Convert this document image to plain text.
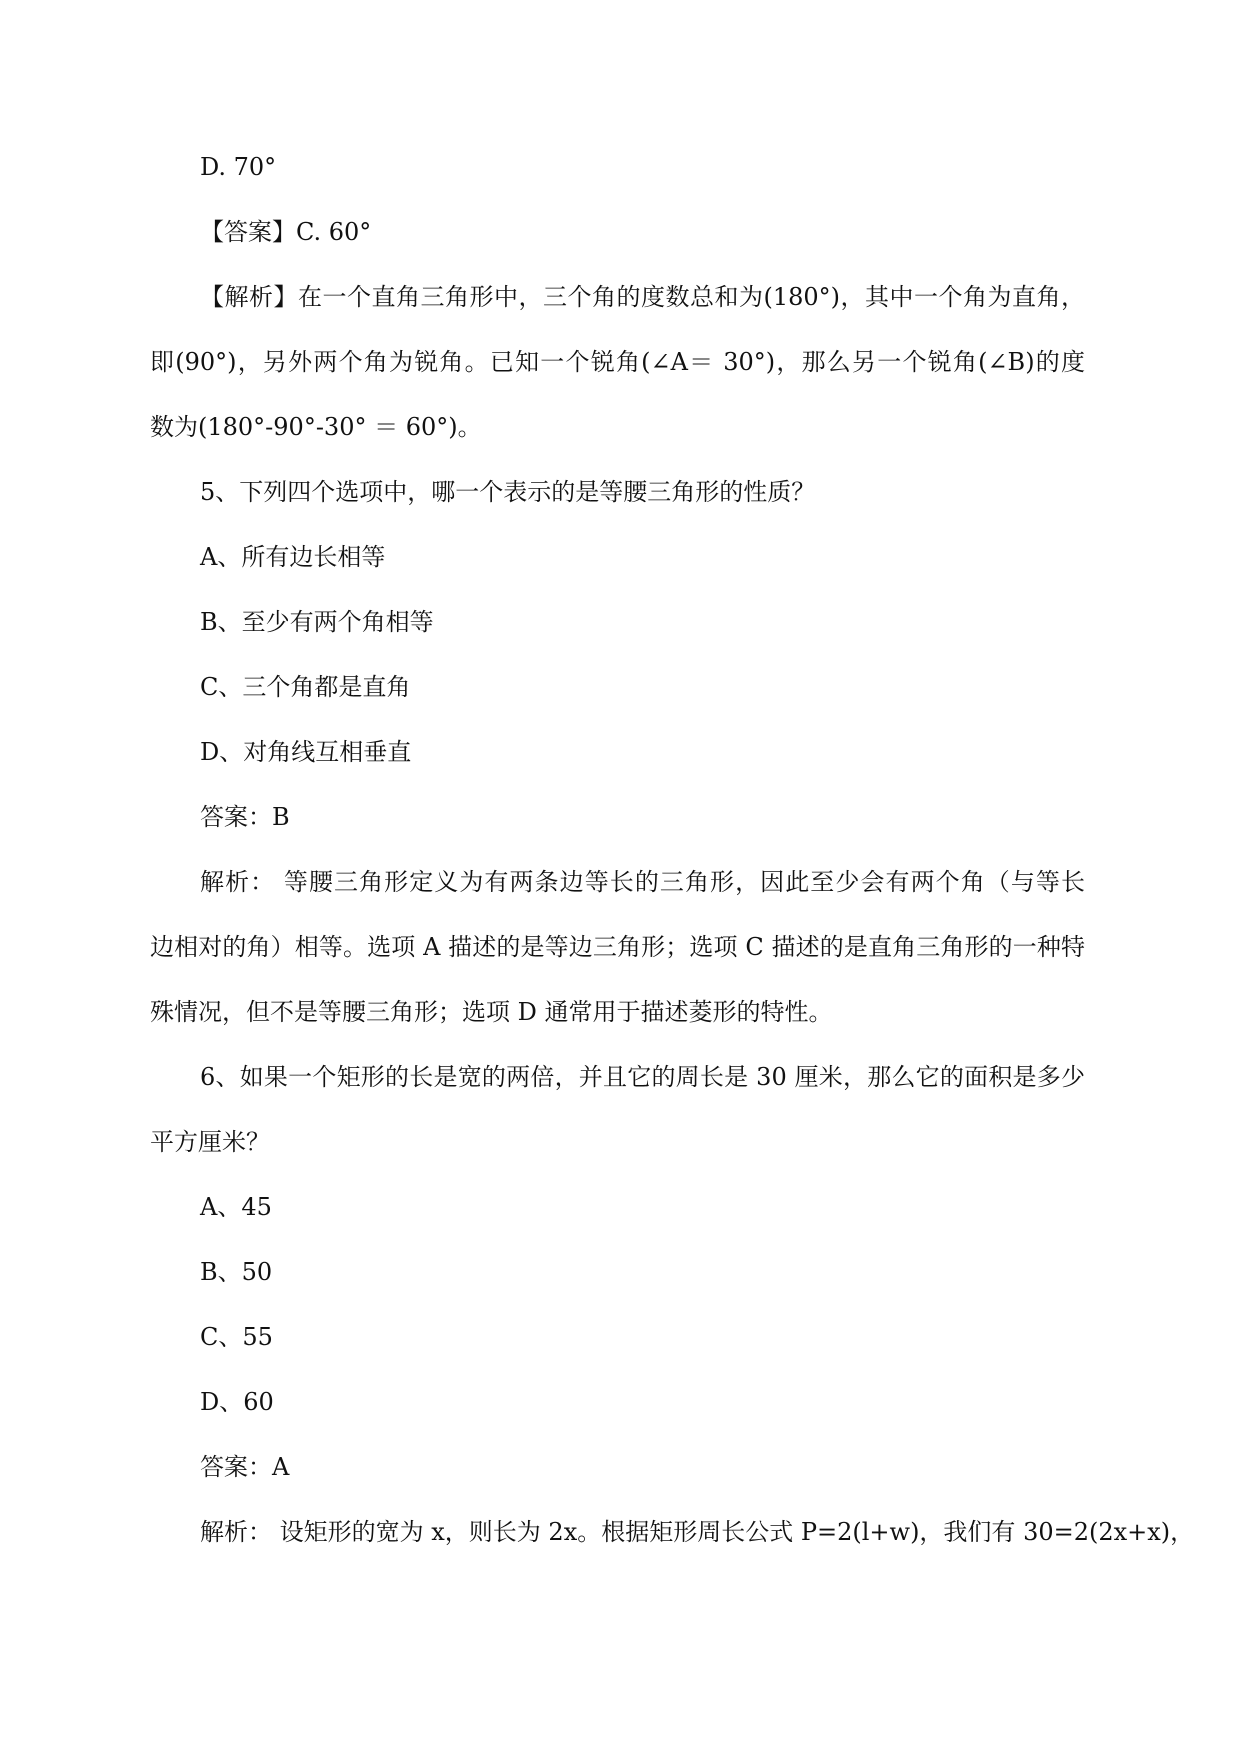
D. 70°
【答案】C. 60°
【解析】在一个直角三角形中，三个角的度数总和为(180°)，其中一个角为直角，
即(90°)，另外两个角为锐角。已知一个锐角(∠A＝ 30°)，那么另一个锐角(∠B)的度
数为(180°-90°-30° ＝ 60°)。
5、下列四个选项中，哪一个表示的是等腰三角形的性质？
A、所有边长相等
B、至少有两个角相等
C、三个角都是直角
D、对角线互相垂直
答案：B
解析： 等腰三角形定义为有两条边等长的三角形，因此至少会有两个角（与等长
边相对的角）相等。选项 A 描述的是等边三角形；选项 C 描述的是直角三角形的一种特
殊情况，但不是等腰三角形；选项 D 通常用于描述菱形的特性。
6、如果一个矩形的长是宽的两倍，并且它的周长是 30 厘米，那么它的面积是多少
平方厘米？
A、45
B、50
C、55
D、60
答案：A
解析： 设矩形的宽为 x，则长为 2x。根据矩形周长公式 P=2(l+w)，我们有 30=2(2x+x)，
